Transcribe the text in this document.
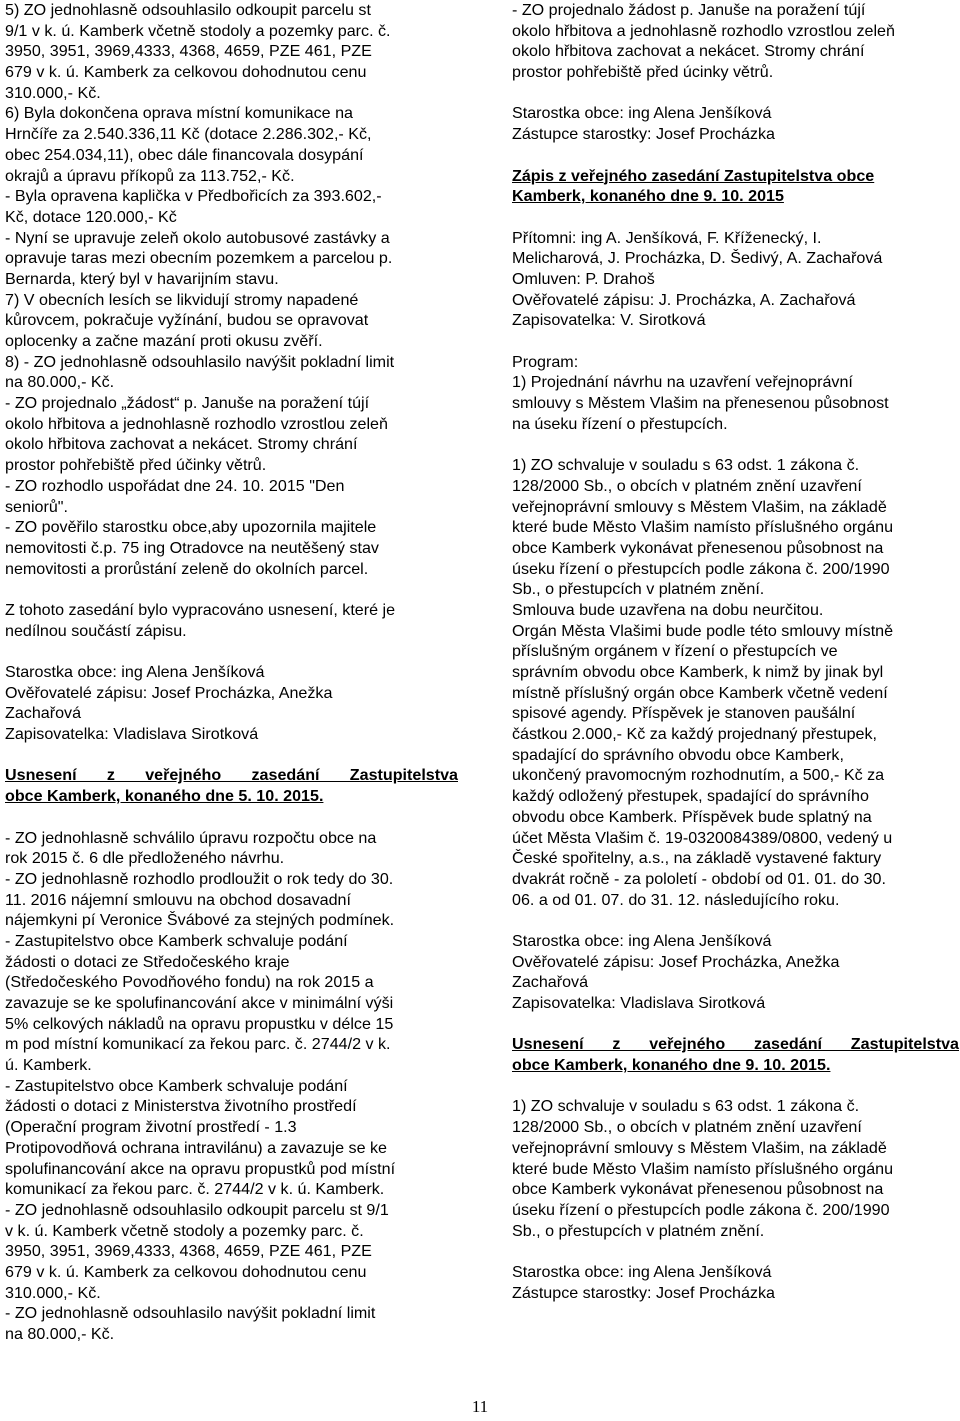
5) ZO jednohlasně odsouhlasilo odkoupit parcelu st
9/1 v k. ú. Kamberk včetně stodoly a pozemky parc. č.
3950, 3951, 3969,4333, 4368, 4659, PZE 461, PZE
679 v k. ú. Kamberk za celkovou dohodnutou cenu
310.000,- Kč.
6) Byla dokončena oprava místní komunikace na
Hrnčíře za 2.540.336,11 Kč (dotace 2.286.302,- Kč,
obec 254.034,11), obec dále financovala dosypání
okrajů a úpravu příkopů za 113.752,- Kč.
- Byla opravena kaplička v Předbořicích za 393.602,-
Kč, dotace 120.000,- Kč
- Nyní se upravuje zeleň okolo autobusové zastávky a
opravuje taras mezi obecním pozemkem a parcelou p.
Bernarda, který byl v havarijním stavu.
7) V obecních lesích se likvidují stromy napadené
kůrovcem, pokračuje vyžínání, budou se opravovat
oplocenky a začne mazání proti okusu zvěří.
8) - ZO jednohlasně odsouhlasilo navýšit pokladní limit
na 80.000,- Kč.
- ZO projednalo „žádost“ p. Januše na poražení tújí
okolo hřbitova a jednohlasně rozhodlo vzrostlou zeleň
okolo hřbitova zachovat a nekácet. Stromy chrání
prostor pohřebiště před účinky větrů.
- ZO rozhodlo uspořádat dne 24. 10. 2015 "Den
seniorů".
- ZO pověřilo starostku obce,aby upozornila majitele
nemovitosti č.p. 75 ing Otradovce na neutěšený stav
nemovitosti a prorůstání zeleně do okolních parcel.
Z tohoto zasedání bylo vypracováno usnesení, které je
nedílnou součástí zápisu.
Starostka obce: ing Alena Jenšíková
Ověřovatelé zápisu: Josef Procházka, Anežka
Zachařová
Zapisovatelka: Vladislava Sirotková
Usnesení z veřejného zasedání Zastupitelstva
obce Kamberk, konaného dne 5. 10. 2015.
- ZO jednohlasně schválilo úpravu rozpočtu obce na
rok 2015 č. 6 dle předloženého návrhu.
- ZO jednohlasně rozhodlo prodloužit o rok tedy do 30.
11. 2016 nájemní smlouvu na obchod dosavadní
nájemkyni pí Veronice Švábové za stejných podmínek.
- Zastupitelstvo obce Kamberk schvaluje podání
žádosti o dotaci ze Středočeského kraje
(Středočeského Povodňového fondu) na rok 2015 a
zavazuje se ke spolufinancování akce v minimální výši
5% celkových nákladů na opravu propustku v délce 15
m pod místní komunikací za řekou parc. č. 2744/2 v k.
ú. Kamberk.
- Zastupitelstvo obce Kamberk schvaluje podání
žádosti o dotaci z Ministerstva životního prostředí
(Operační program životní prostředí - 1.3
Protipovodňová ochrana intravilánu) a zavazuje se ke
spolufinancování akce na opravu propustků pod místní
komunikací za řekou parc. č. 2744/2 v k. ú. Kamberk.
- ZO jednohlasně odsouhlasilo odkoupit parcelu st 9/1
v k. ú. Kamberk včetně stodoly a pozemky parc. č.
3950, 3951, 3969,4333, 4368, 4659, PZE 461, PZE
679 v k. ú. Kamberk za celkovou dohodnutou cenu
310.000,- Kč.
- ZO jednohlasně odsouhlasilo navýšit pokladní limit
na 80.000,- Kč.
- ZO projednalo žádost p. Januše na poražení tújí
okolo hřbitova a jednohlasně rozhodlo vzrostlou zeleň
okolo hřbitova zachovat a nekácet. Stromy chrání
prostor pohřebiště před úcinky větrů.
Starostka obce: ing Alena Jenšíková
Zástupce starostky: Josef Procházka
Zápis z veřejného zasedání Zastupitelstva obce
Kamberk, konaného dne 9. 10. 2015
Přítomni: ing A. Jenšíková, F. Kříženecký, I.
Melicharová, J. Procházka, D. Šedivý, A. Zachařová
Omluven: P. Drahoš
Ověřovatelé zápisu: J. Procházka, A. Zachařová
Zapisovatelka: V. Sirotková
Program:
1) Projednání návrhu na uzavření veřejnoprávní
smlouvy s Městem Vlašim na přenesenou působnost
na úseku řízení o přestupcích.
1) ZO schvaluje v souladu s 63 odst. 1 zákona č.
128/2000 Sb., o obcích v platném znění uzavření
veřejnoprávní smlouvy s Městem Vlašim, na základě
které bude Město Vlašim namísto příslušného orgánu
obce Kamberk vykonávat přenesenou působnost na
úseku řízení o přestupcích podle zákona č. 200/1990
Sb., o přestupcích v platném znění.
Smlouva bude uzavřena na dobu neurčitou.
Orgán Města Vlašimi bude podle této smlouvy místně
příslušným orgánem v řízení o přestupcích ve
správním obvodu obce Kamberk, k nimž by jinak byl
místně příslušný orgán obce Kamberk včetně vedení
spisové agendy. Příspěvek je stanoven paušální
částkou 2.000,- Kč za každý projednaný přestupek,
spadající do správního obvodu obce Kamberk,
ukončený pravomocným rozhodnutím, a 500,- Kč za
každý odložený přestupek, spadající do správního
obvodu obce Kamberk. Příspěvek bude splatný na
účet Města Vlašim č. 19-0320084389/0800, vedený u
České spořitelny, a.s., na základě vystavené faktury
dvakrát ročně - za pololetí - období od 01. 01. do 30.
06. a od 01. 07. do 31. 12. následujícího roku.
Starostka obce: ing Alena Jenšíková
Ověřovatelé zápisu: Josef Procházka, Anežka
Zachařová
Zapisovatelka: Vladislava Sirotková
Usnesení z veřejného zasedání Zastupitelstva
obce Kamberk, konaného dne 9. 10. 2015.
1) ZO schvaluje v souladu s 63 odst. 1 zákona č.
128/2000 Sb., o obcích v platném znění uzavření
veřejnoprávní smlouvy s Městem Vlašim, na základě
které bude Město Vlašim namísto příslušného orgánu
obce Kamberk vykonávat přenesenou působnost na
úseku řízení o přestupcích podle zákona č. 200/1990
Sb., o přestupcích v platném znění.
Starostka obce: ing Alena Jenšíková
Zástupce starostky: Josef Procházka
11
